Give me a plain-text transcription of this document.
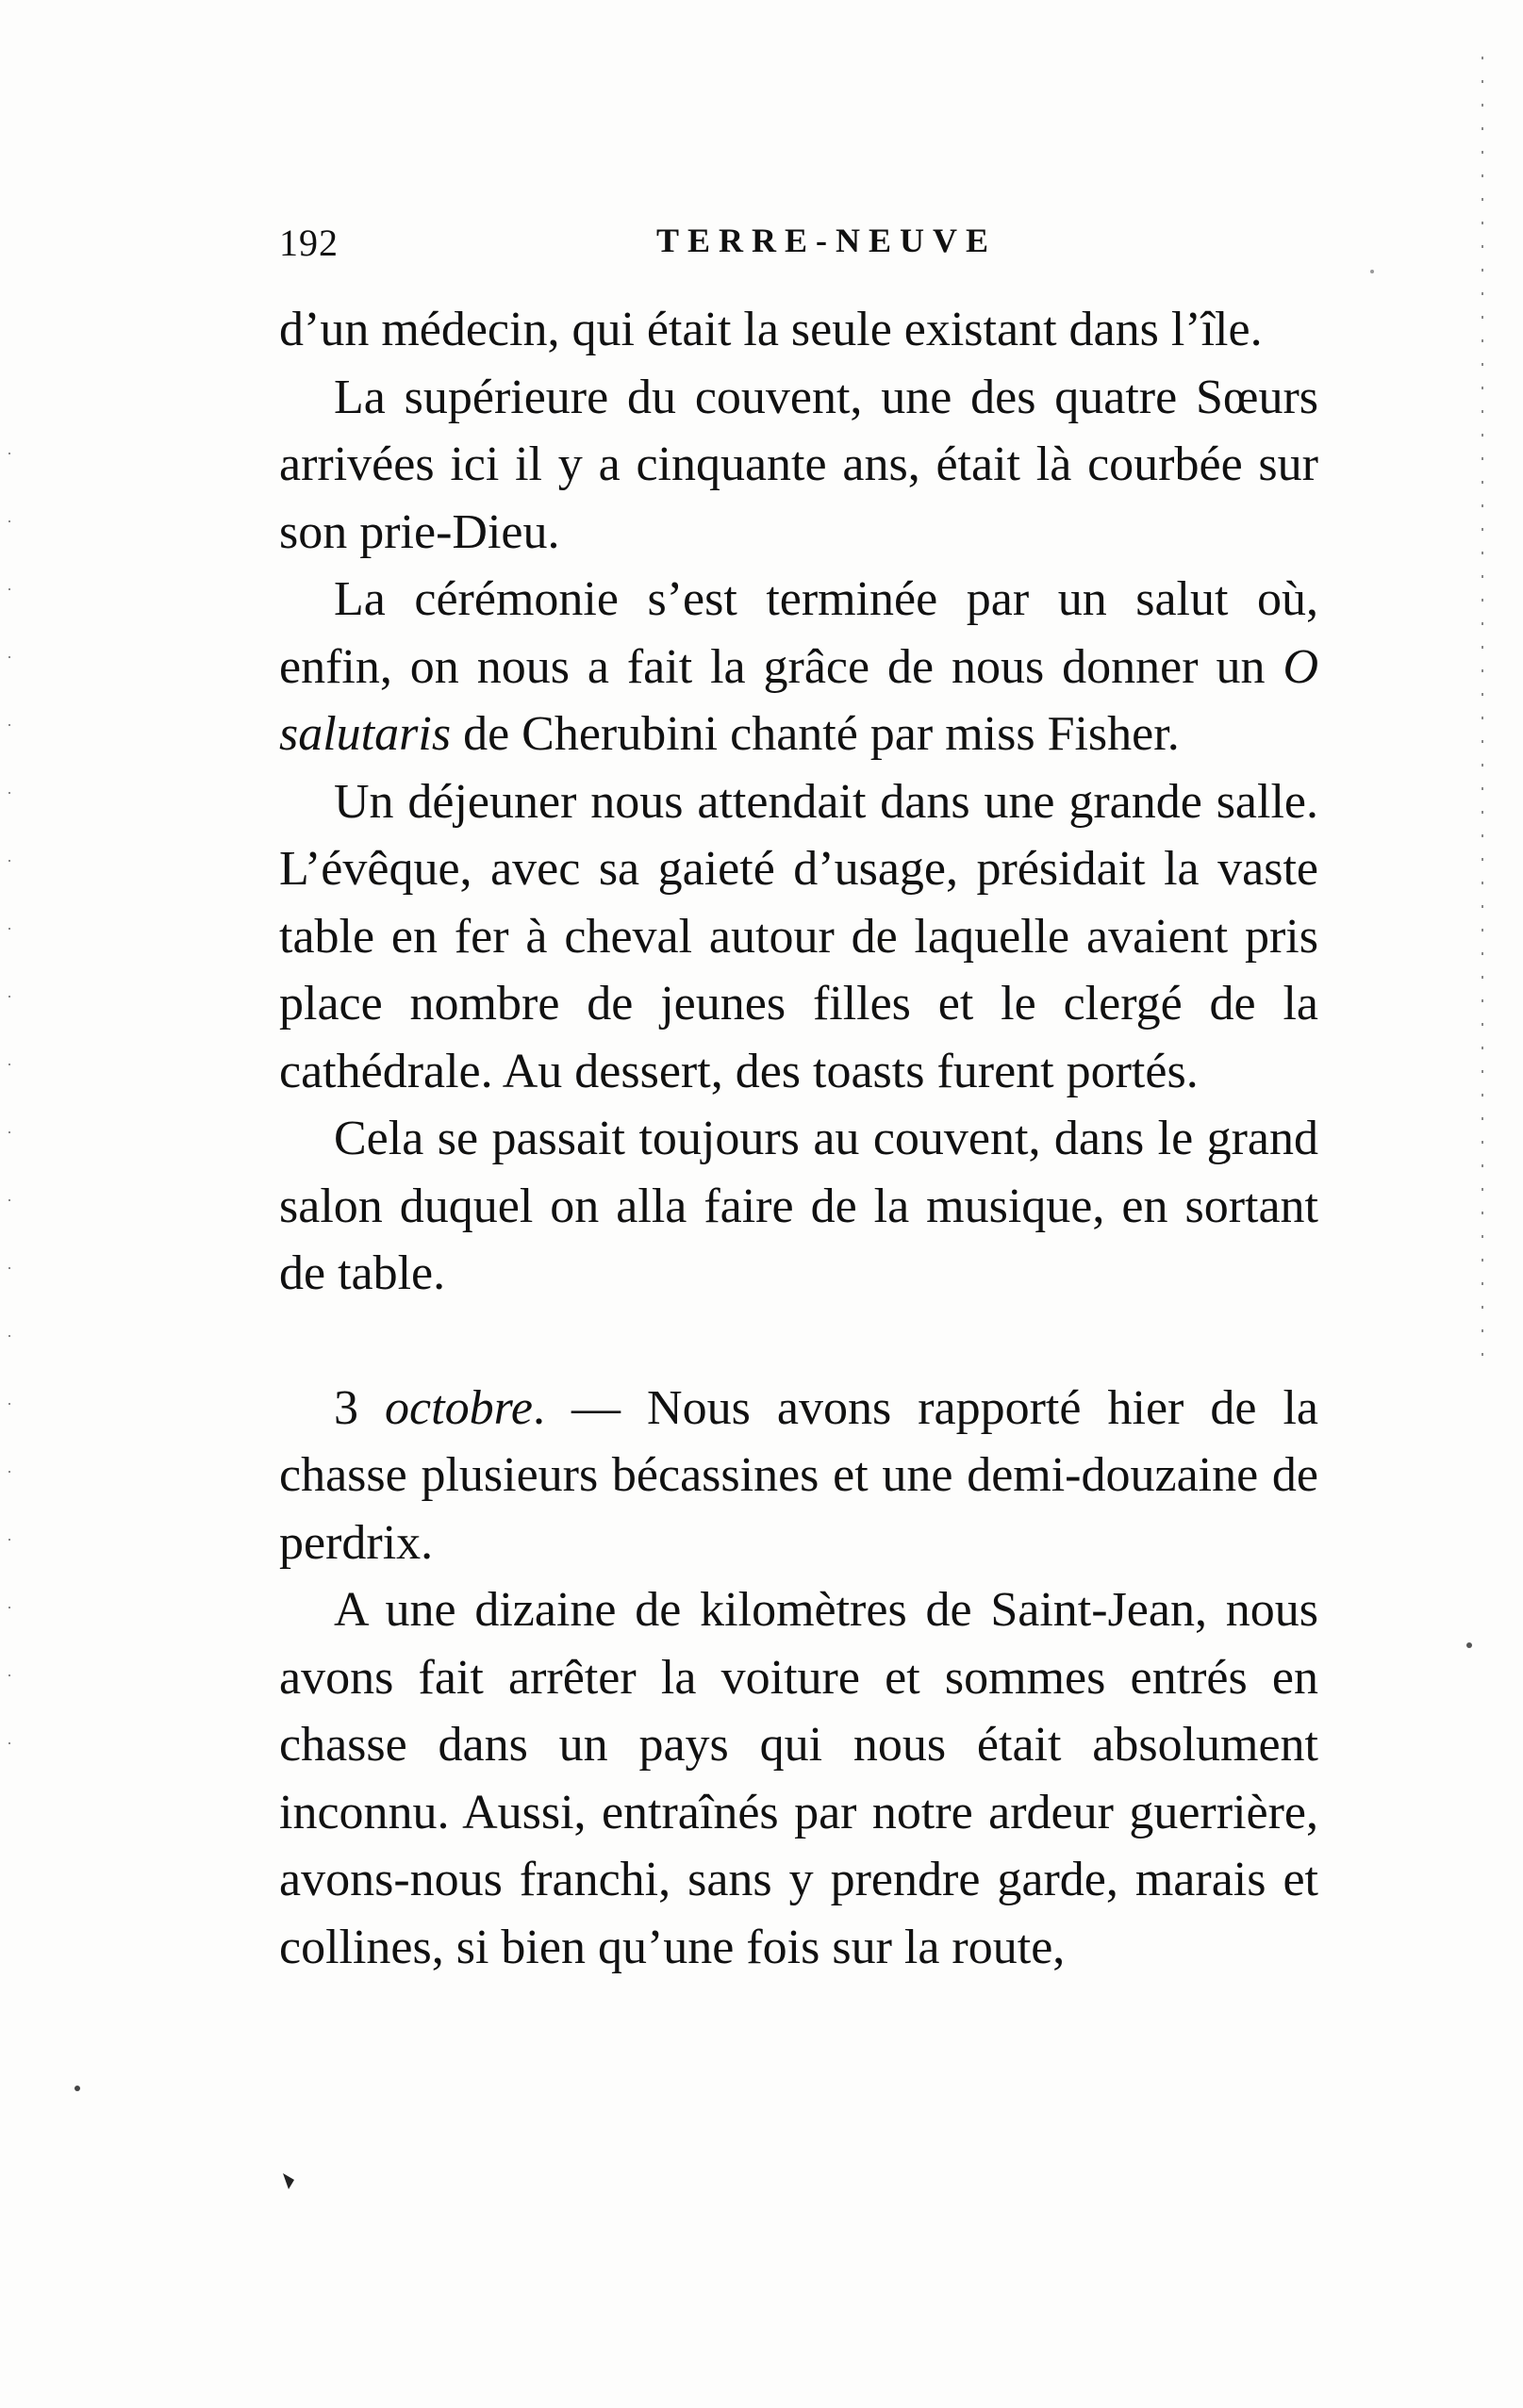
192	TERRE-NEUVE

d’un médecin, qui était la seule existant dans l’île.

La supérieure du couvent, une des quatre Sœurs arrivées ici il y a cinquante ans, était là courbée sur son prie-Dieu.

La cérémonie s’est terminée par un salut où, enfin, on nous a fait la grâce de nous donner un O salutaris de Cherubini chanté par miss Fisher.

Un déjeuner nous attendait dans une grande salle. L’évêque, avec sa gaieté d’usage, présidait la vaste table en fer à cheval autour de laquelle avaient pris place nombre de jeunes filles et le clergé de la cathédrale. Au dessert, des toasts furent portés.

Cela se passait toujours au couvent, dans le grand salon duquel on alla faire de la musique, en sortant de table.

3 octobre. — Nous avons rapporté hier de la chasse plusieurs bécassines et une demi-douzaine de perdrix.

A une dizaine de kilomètres de Saint-Jean, nous avons fait arrêter la voiture et sommes entrés en chasse dans un pays qui nous était absolument inconnu. Aussi, entraînés par notre ardeur guerrière, avons-nous franchi, sans y prendre garde, marais et collines, si bien qu’une fois sur la route,
